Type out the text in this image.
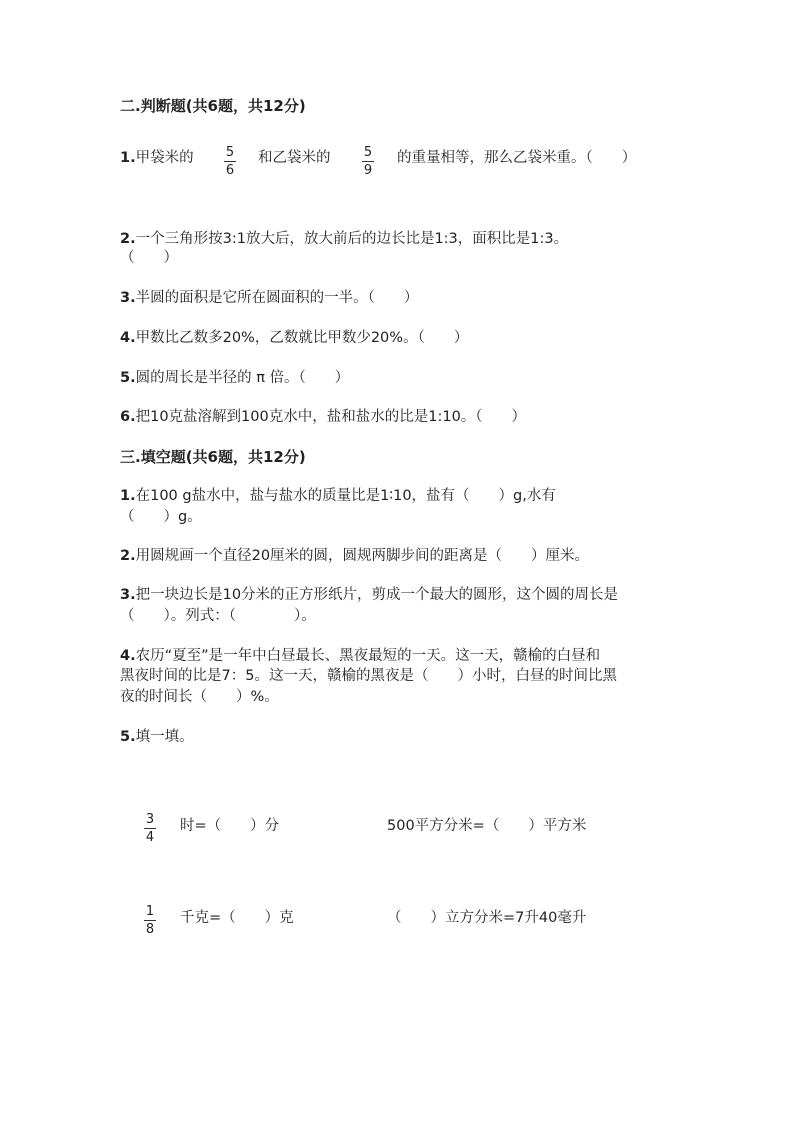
二.判断题(共6题，共12分)
1.甲袋米的 5
6
和乙袋米的	5
9
的重量相等，那么乙袋米重。（　　）
2.一个三角形按3:1放大后，放大前后的边长比是1:3，面积比是1:3。
（　　）
3.半圆的面积是它所在圆面积的一半。（　　）
4.甲数比乙数多20%，乙数就比甲数少20%。（　　）
5.圆的周长是半径的 π 倍。（　　）
6.把10克盐溶解到100克水中，盐和盐水的比是1:10。（　　）
三.填空题(共6题，共12分)
1.在100 g盐水中，盐与盐水的质量比是1∶10，盐有（　　）g,水有
（　　）g。
2.用圆规画一个直径20厘米的圆，圆规两脚步间的距离是（　　）厘米。
3.把一块边长是10分米的正方形纸片，剪成一个最大的圆形，这个圆的周长是
（　　）。列式：（　　　　）。
4.农历“夏至”是一年中白昼最长、黑夜最短的一天。这一天，赣榆的白昼和
黑夜时间的比是7：5。这一天，赣榆的黑夜是（　　）小时，白昼的时间比黑
夜的时间长（　　）%。
5.填一填。
3
4
时=（　　）分	500平方分米=（　　）平方米
1
8
千克=（　　）克	（　　）立方分米=7升40毫升
